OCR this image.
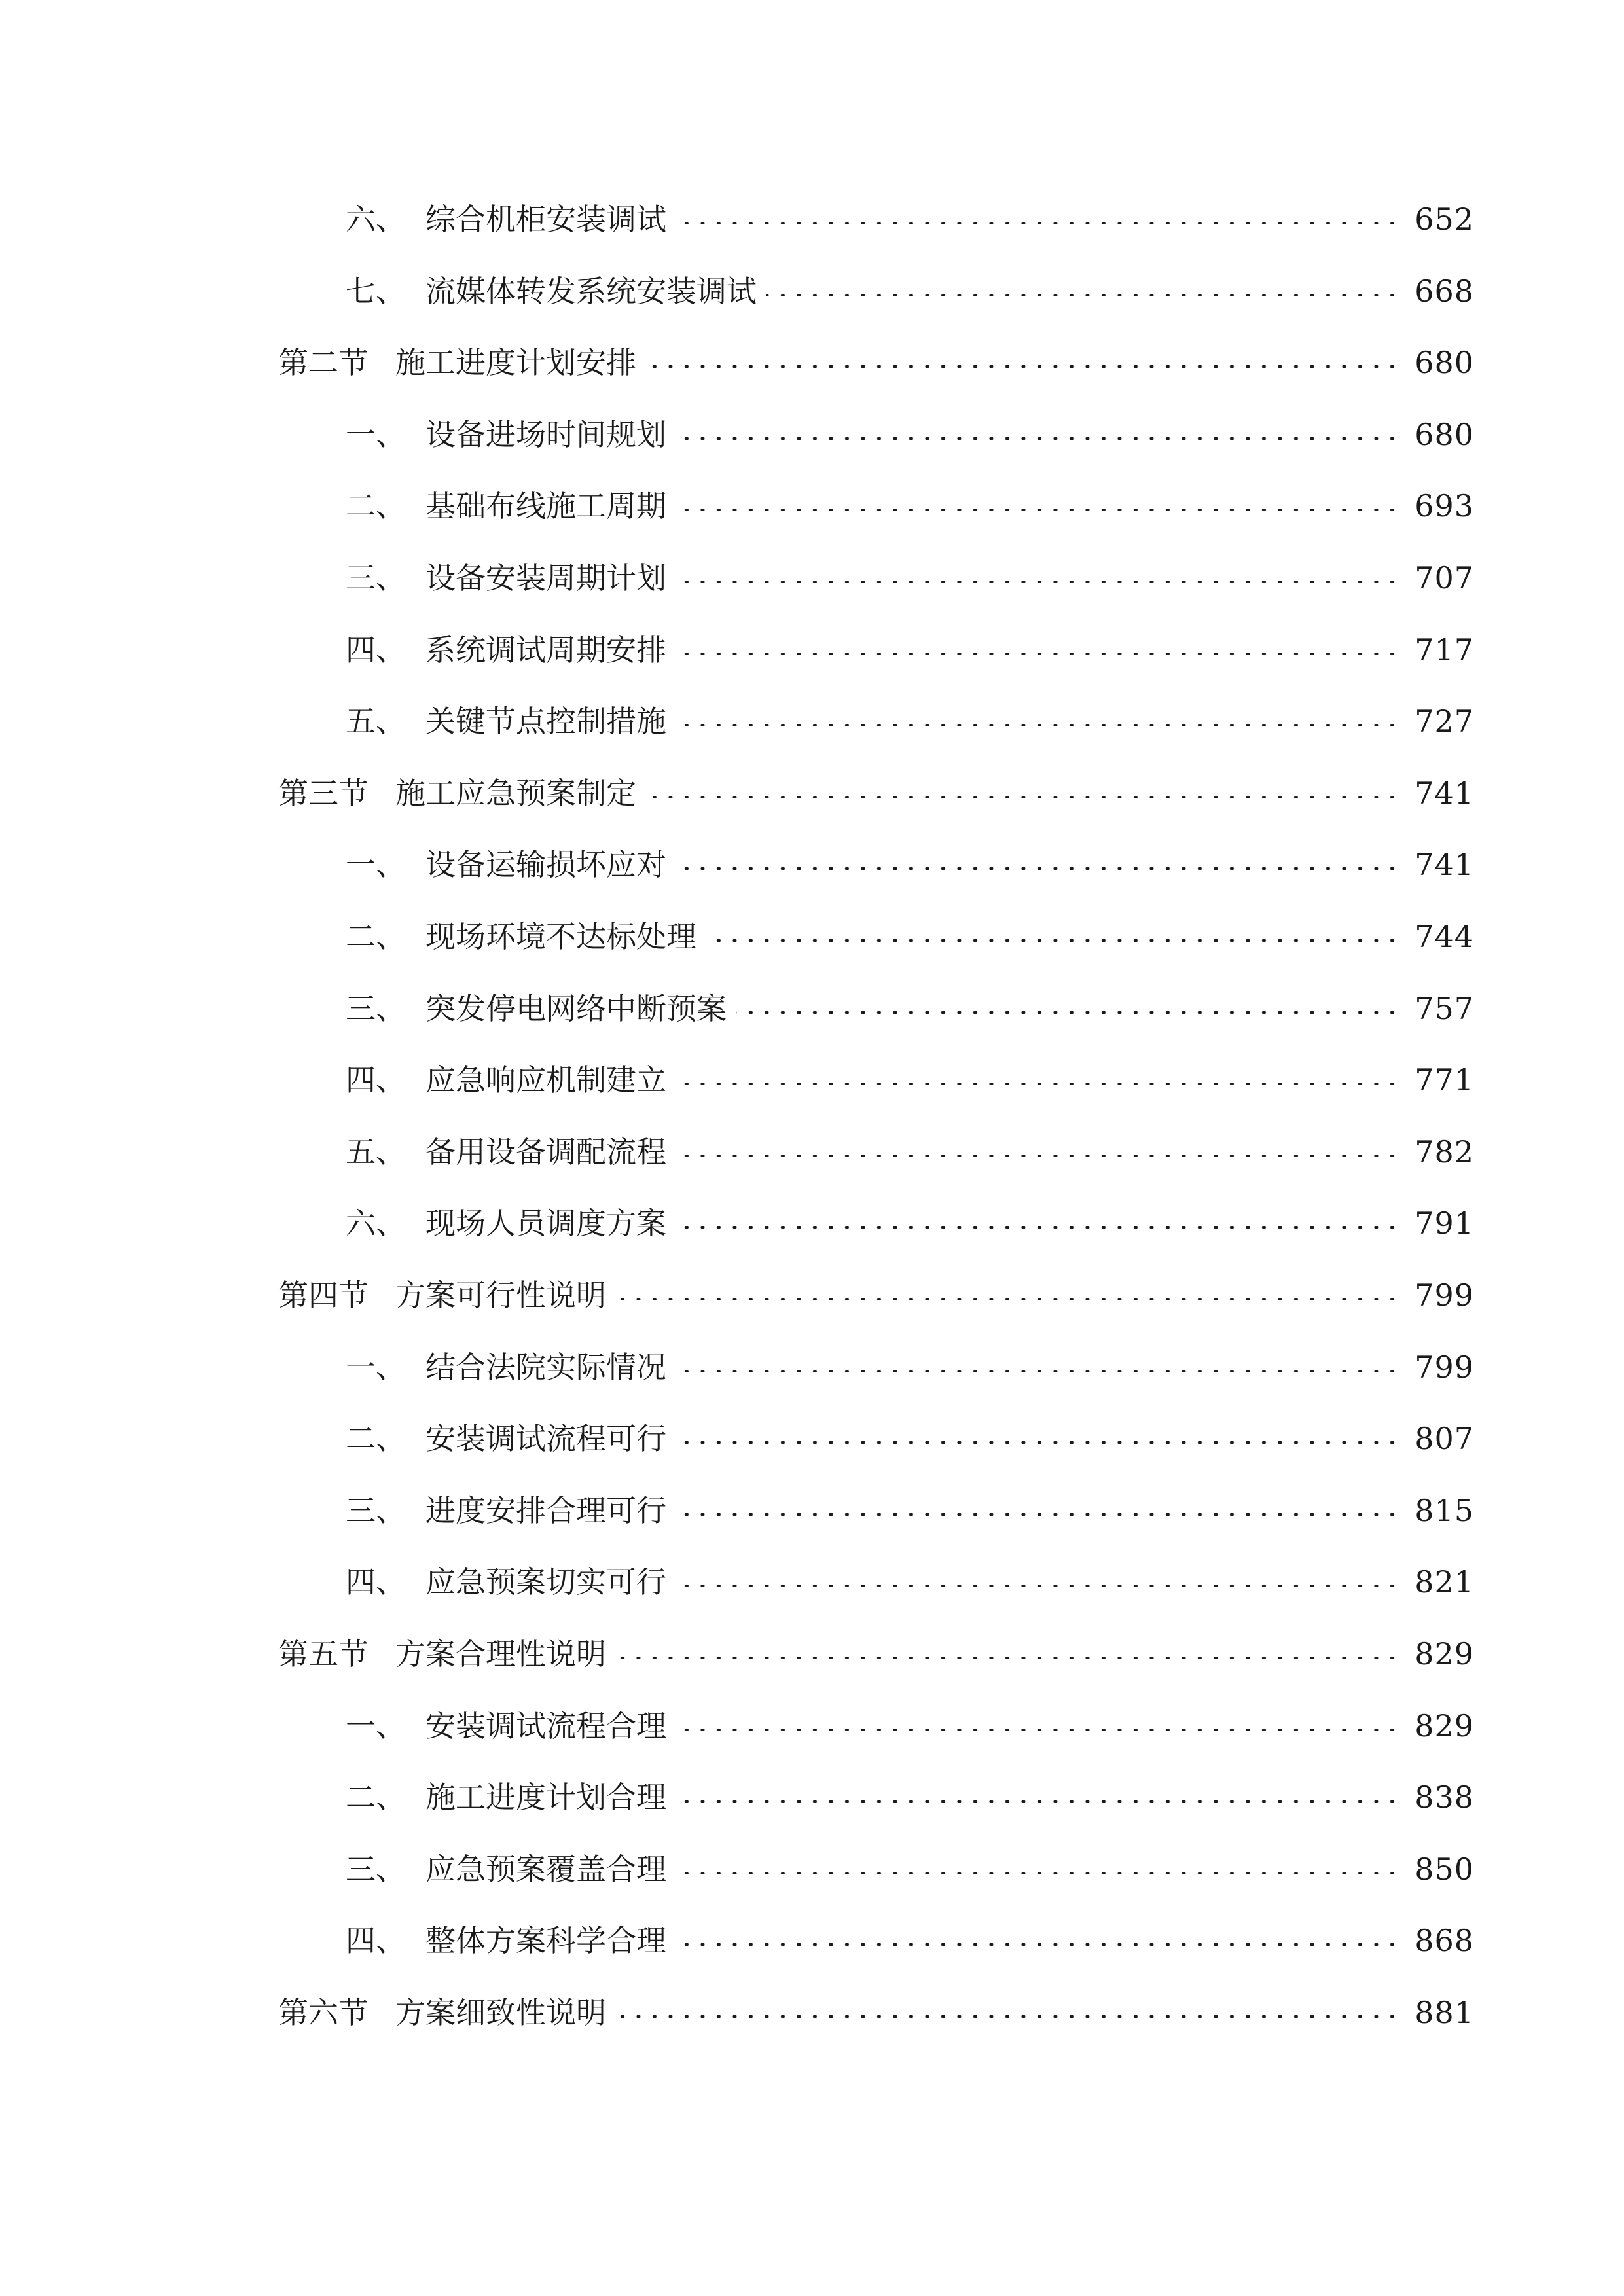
六、 综合机柜安装调试	652
七、 流媒体转发系统安装调试	668
第二节 施工进度计划安排	680
一、 设备进场时间规划	680
二、 基础布线施工周期	693
三、 设备安装周期计划	707
四、 系统调试周期安排	717
五、 关键节点控制措施	727
第三节 施工应急预案制定	741
一、 设备运输损坏应对	741
二、 现场环境不达标处理	744
三、 突发停电网络中断预案	757
四、 应急响应机制建立	771
五、 备用设备调配流程	782
六、 现场人员调度方案	791
第四节 方案可行性说明	799
一、 结合法院实际情况	799
二、 安装调试流程可行	807
三、 进度安排合理可行	815
四、 应急预案切实可行	821
第五节 方案合理性说明	829
一、 安装调试流程合理	829
二、 施工进度计划合理	838
三、 应急预案覆盖合理	850
四、 整体方案科学合理	868
第六节 方案细致性说明	881
